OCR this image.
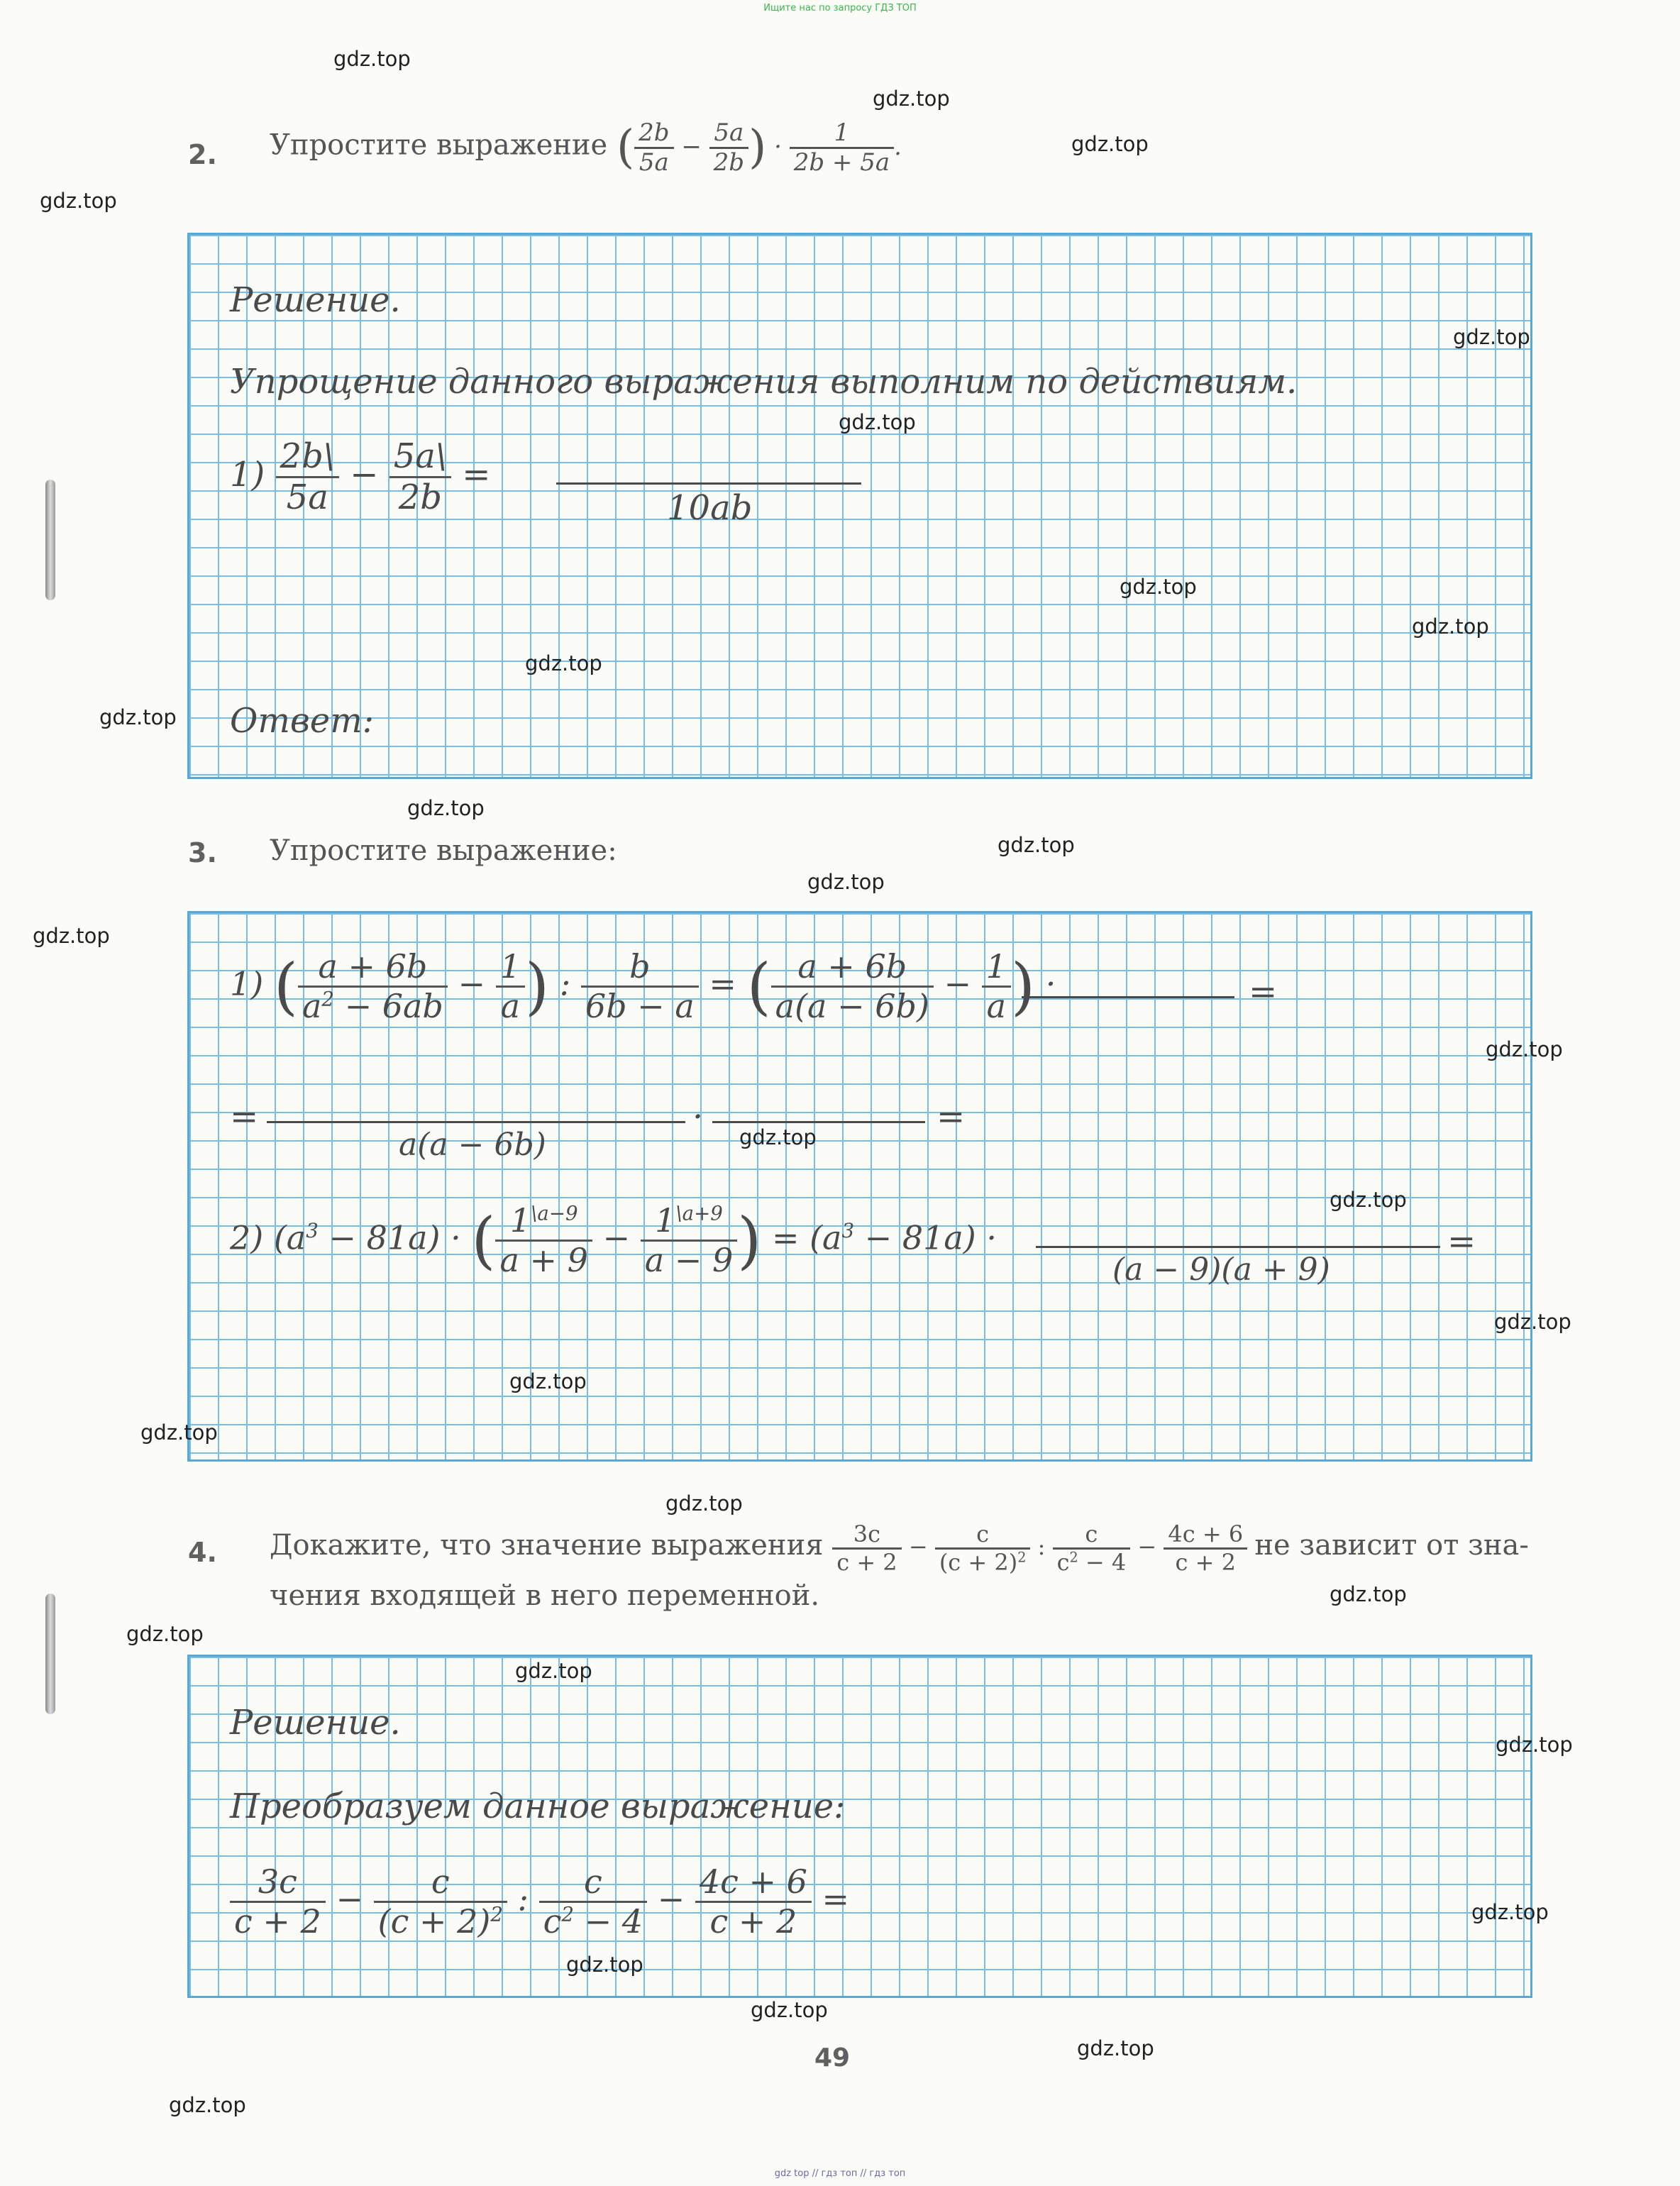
Ищите нас по запросу ГДЗ ТОП
gdz top // гдз топ // гдз топ
2. Упростите выражение ( $\frac{2b}{5a} - \frac{5a}{2b}$ ) · $\frac{1}{2b + 5a}$ .
Решение.
Упрощение данного выражения выполним по действиям.
$1) \frac{2b\backslash}{5a} - \frac{5a\backslash}{2b}$ =
10ab
Ответ:
3. Упростите выражение:
1) ( $\frac{a + 6b}{a^2 - 6ab} - \frac{1}{a}$ ) : $\frac{b}{6b - a}$ = ( $\frac{a + 6b}{a(a - 6b)} - \frac{1}{a}$ ) ·	=
=
a(a − 6b)
·	=
2) $(a^3 - 81a)$ · ( $\frac{1^{\backslash a-9}}{a + 9} - \frac{1^{\backslash a+9}}{a - 9}$ ) = $(a^3 - 81a)$ ·
(a − 9)(a + 9)
=
4. Докажите, что значение выражения $\frac{3c}{c + 2} - \frac{c}{(c + 2)^2}$ : $\frac{c}{c^2 - 4} - \frac{4c + 6}{c + 2}$ не зависит от зна-
чения входящей в него переменной.
Решение.
Преобразуем данное выражение:
$\frac{3c}{c + 2} - \frac{c}{(c + 2)^2}$ : $\frac{c}{c^2 - 4} - \frac{4c + 6}{c + 2}$ =
49
gdz.top
gdz.top
gdz.top
gdz.top
gdz.top
gdz.top
gdz.top
gdz.top
gdz.top
gdz.top
gdz.top
gdz.top
gdz.top
gdz.top
gdz.top
gdz.top
gdz.top
gdz.top
gdz.top
gdz.top
gdz.top
gdz.top
gdz.top
gdz.top
gdz.top
gdz.top
gdz.top
gdz.top
gdz.top
gdz.top
